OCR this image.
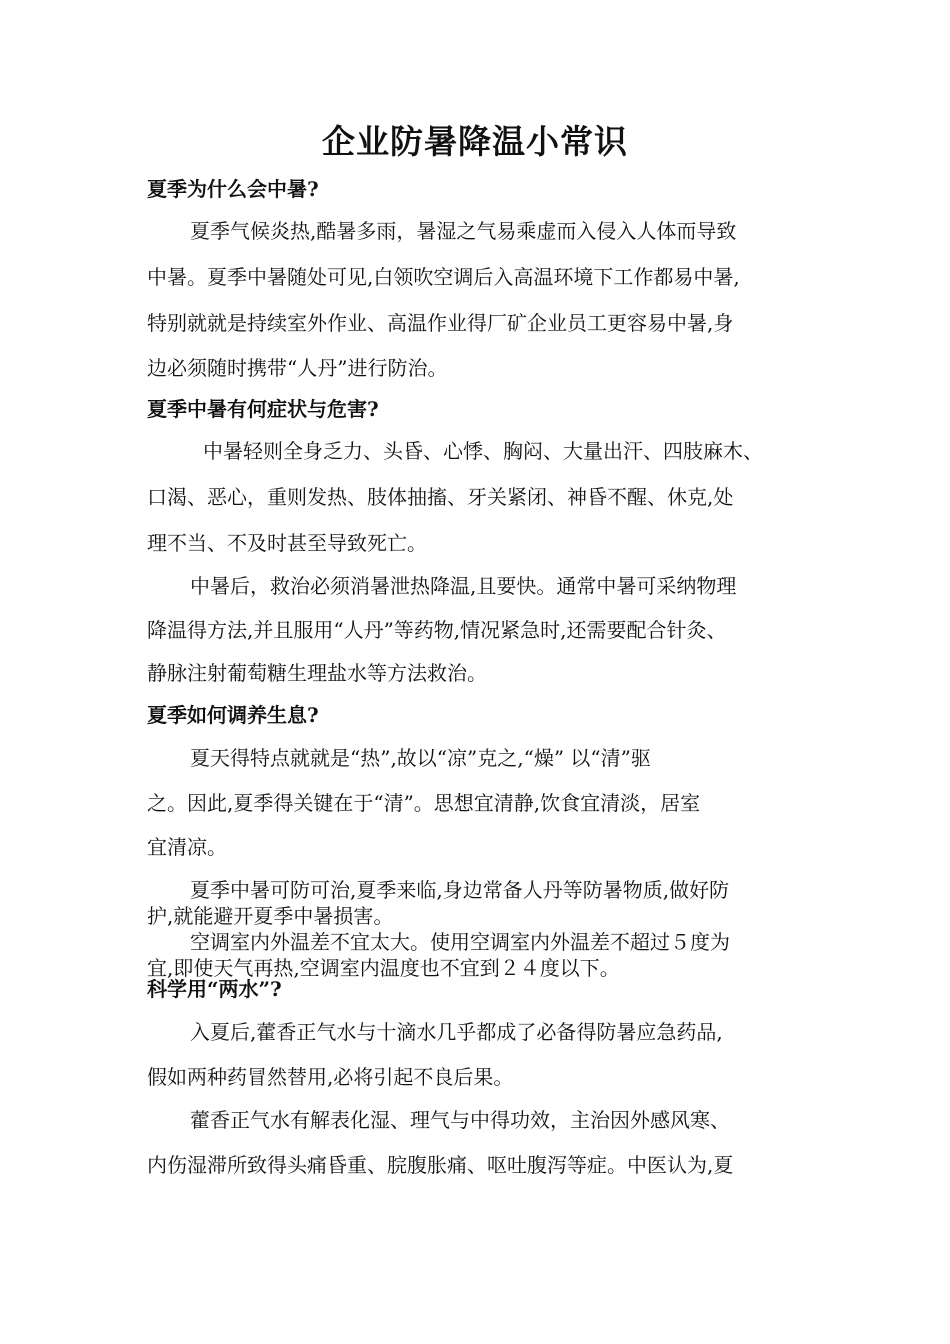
企业防暑降温小常识
夏季为什么会中暑?
夏季气候炎热,酷暑多雨，暑湿之气易乘虚而入侵入人体而导致
中暑。夏季中暑随处可见,白领吹空调后入高温环境下工作都易中暑,
特别就就是持续室外作业、高温作业得厂矿企业员工更容易中暑,身
边必须随时携带“人丹”进行防治。
夏季中暑有何症状与危害?
中暑轻则全身乏力、头昏、心悸、胸闷、大量出汗、四肢麻木、
口渴、恶心，重则发热、肢体抽搐、牙关紧闭、神昏不醒、休克,处
理不当、不及时甚至导致死亡。
中暑后，救治必须消暑泄热降温,且要快。通常中暑可采纳物理
降温得方法,并且服用“人丹”等药物,情况紧急时,还需要配合针灸、
静脉注射葡萄糖生理盐水等方法救治。
夏季如何调养生息?
夏天得特点就就是“热”,故以“凉”克之,“燥” 以“清”驱
之。因此,夏季得关键在于“清”。思想宜清静,饮食宜清淡，居室
宜清凉。
夏季中暑可防可治,夏季来临,身边常备人丹等防暑物质,做好防
护,就能避开夏季中暑损害。
空调室内外温差不宜太大。使用空调室内外温差不超过５度为
宜,即使天气再热,空调室内温度也不宜到２４度以下。
科学用“两水”?
入夏后,藿香正气水与十滴水几乎都成了必备得防暑应急药品,
假如两种药冒然替用,必将引起不良后果。
藿香正气水有解表化湿、理气与中得功效，主治因外感风寒、
内伤湿滞所致得头痛昏重、脘腹胀痛、呕吐腹泻等症。中医认为,夏
